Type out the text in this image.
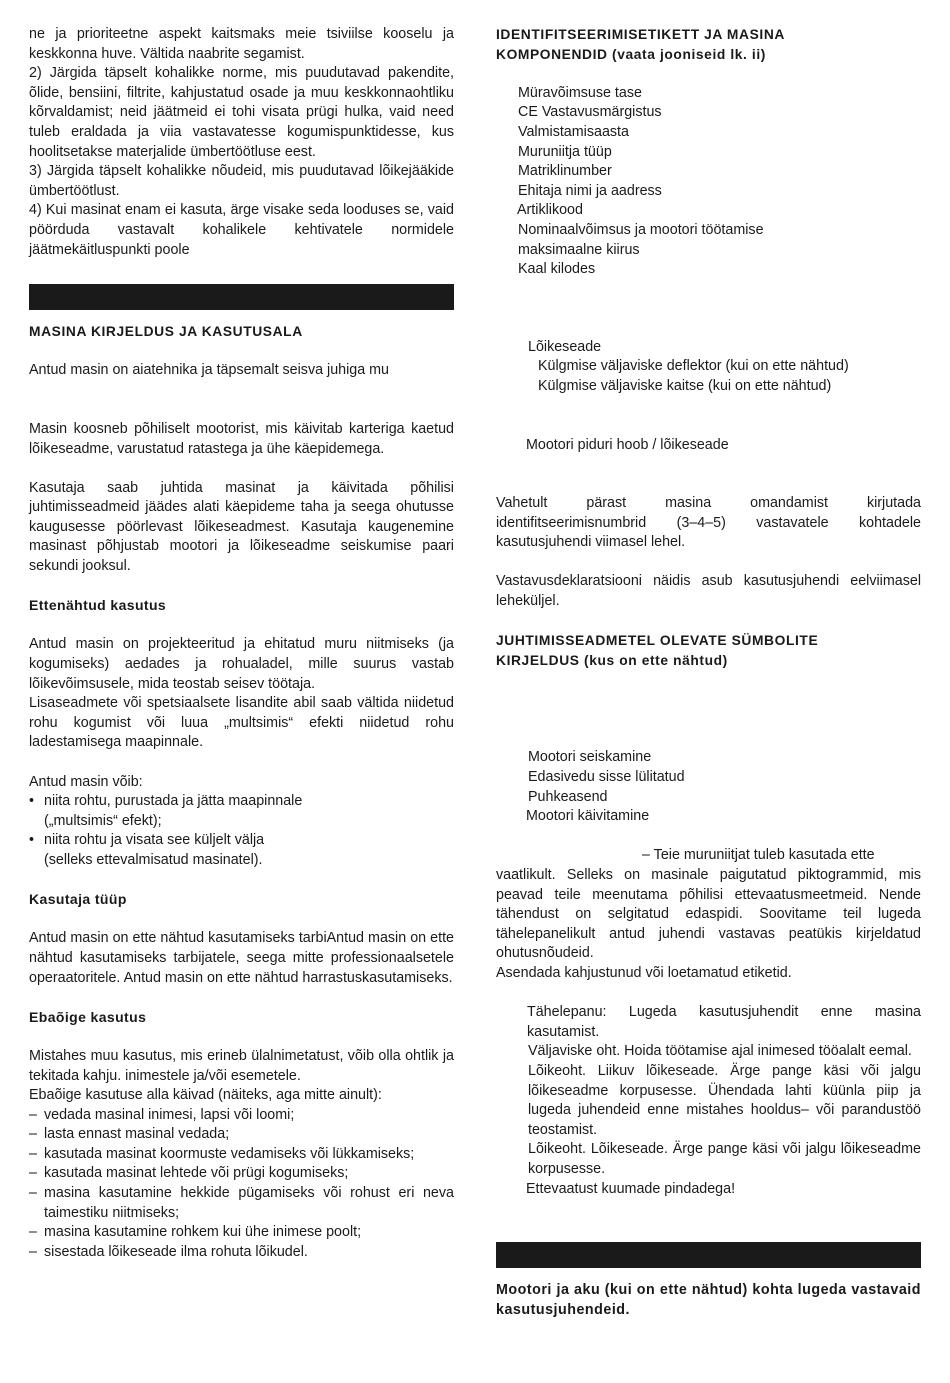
ne ja prioriteetne aspekt kaitsmaks meie tsiviilse kooselu ja keskkonna huve. Vältida naabrite segamist.

2) Järgida täpselt kohalikke norme, mis puudutavad pakendite, õlide, bensiini, filtrite, kahjustatud osade ja muu keskkonnaohtliku kõrvaldamist; neid jäätmeid ei tohi visata prügi hulka, vaid need tuleb eraldada ja viia vastavatesse kogumispunktidesse, kus hoolitsetakse materjalide ümbertöötluse eest.

3) Järgida täpselt kohalikke nõudeid, mis puudutavad lõikejääkide ümbertöötlust.

4) Kui masinat enam ei kasuta, ärge visake seda looduses se, vaid pöörduda vastavalt kohalikele kehtivatele normidele jäätmekäitluspunkti poole

MASINA KIRJELDUS JA KASUTUSALA

Antud masin on aiatehnika ja täpsemalt seisva juhiga mu

Masin koosneb põhiliselt mootorist, mis käivitab karteriga kaetud lõikeseadme, varustatud ratastega ja ühe käepidemega.

Kasutaja saab juhtida masinat ja käivitada põhilisi juhtimisseadmeid jäädes alati käepideme taha ja seega ohutusse kaugusesse pöörlevast lõikeseadmest. Kasutaja kaugenemine masinast põhjustab mootori ja lõikeseadme seiskumise paari sekundi jooksul.

Ettenähtud kasutus

Antud masin on projekteeritud ja ehitatud muru niitmiseks (ja kogumiseks) aedades ja rohualadel, mille suurus vastab lõikevõimsusele, mida teostab seisev töötaja.

Lisaseadmete või spetsiaalsete lisandite abil saab vältida niidetud rohu kogumist või luua „multsimis“ efekti niidetud rohu ladestamisega maapinnale.

Antud masin võib:

• niita rohtu, purustada ja jätta maapinnale
(„multsimis“ efekt);
• niita rohtu ja visata see küljelt välja
(selleks ettevalmisatud masinatel).
Kasutaja tüüp

Antud masin on ette nähtud kasutamiseks tarbiAntud masin on ette nähtud kasutamiseks tarbijatele, seega mitte professionaalsetele operaatoritele. Antud masin on ette nähtud harrastuskasutamiseks.

Ebaõige kasutus

Mistahes muu kasutus, mis erineb ülalnimetatust, võib olla ohtlik ja tekitada kahju. inimestele ja/või esemetele.

Ebaõige kasutuse alla käivad (näiteks, aga mitte ainult):

– vedada masinal inimesi, lapsi või loomi;
– lasta ennast masinal vedada;
– kasutada masinat koormuste vedamiseks või lükkamiseks;
– kasutada masinat lehtede või prügi kogumiseks;
– masina kasutamine hekkide pügamiseks või rohust eri neva taimestiku niitmiseks;
– masina kasutamine rohkem kui ühe inimese poolt;
– sisestada lõikeseade ilma rohuta lõikudel.
IDENTIFITSEERIMISETIKETT JA MASINA
KOMPONENDID (vaata jooniseid lk. ii)
Müravõimsuse tase
CE Vastavusmärgistus
Valmistamisaasta
Muruniitja tüüp
Matriklinumber
Ehitaja nimi ja aadress
Artiklikood
Nominaalvõimsus ja mootori töötamise
maksimaalne kiirus
Kaal kilodes
Lõikeseade
Külgmise väljaviske deflektor (kui on ette nähtud)
Külgmise väljaviske kaitse (kui on ette nähtud)
Mootori piduri hoob / lõikeseade

Vahetult pärast masina omandamist kirjutada identifitseerimisnumbrid (3–4–5) vastavatele kohtadele kasutusjuhendi viimasel lehel.

Vastavusdeklaratsiooni näidis asub kasutusjuhendi eelviimasel leheküljel.

JUHTIMISSEADMETEL OLEVATE SÜMBOLITE
KIRJELDUS (kus on ette nähtud)
Mootori seiskamine
Edasivedu sisse lülitatud
Puhkeasend
Mootori käivitamine
– Teie muruniitjat tuleb kasutada ette

vaatlikult. Selleks on masinale paigutatud piktogrammid, mis peavad teile meenutama põhilisi ettevaatusmeetmeid. Nende tähendust on selgitatud edaspidi. Soovitame teil lugeda tähelepanelikult antud juhendi vastavas peatükis kirjeldatud ohutusnõudeid.

Asendada kahjustunud või loetamatud etiketid.

Tähelepanu: Lugeda kasutusjuhendit enne masina kasutamist.
Väljaviske oht. Hoida töötamise ajal inimesed tööalalt eemal.
Lõikeoht. Liikuv lõikeseade. Ärge pange käsi või jalgu lõikeseadme korpusesse. Ühendada lahti küünla piip ja lugeda juhendeid enne mistahes hooldus– või parandustöö teostamist.
Lõikeoht. Lõikeseade. Ärge pange käsi või jalgu lõikeseadme korpusesse.
Ettevaatust kuumade pindadega!

Mootori ja aku (kui on ette nähtud) kohta lugeda vastavaid kasutusjuhendeid.
